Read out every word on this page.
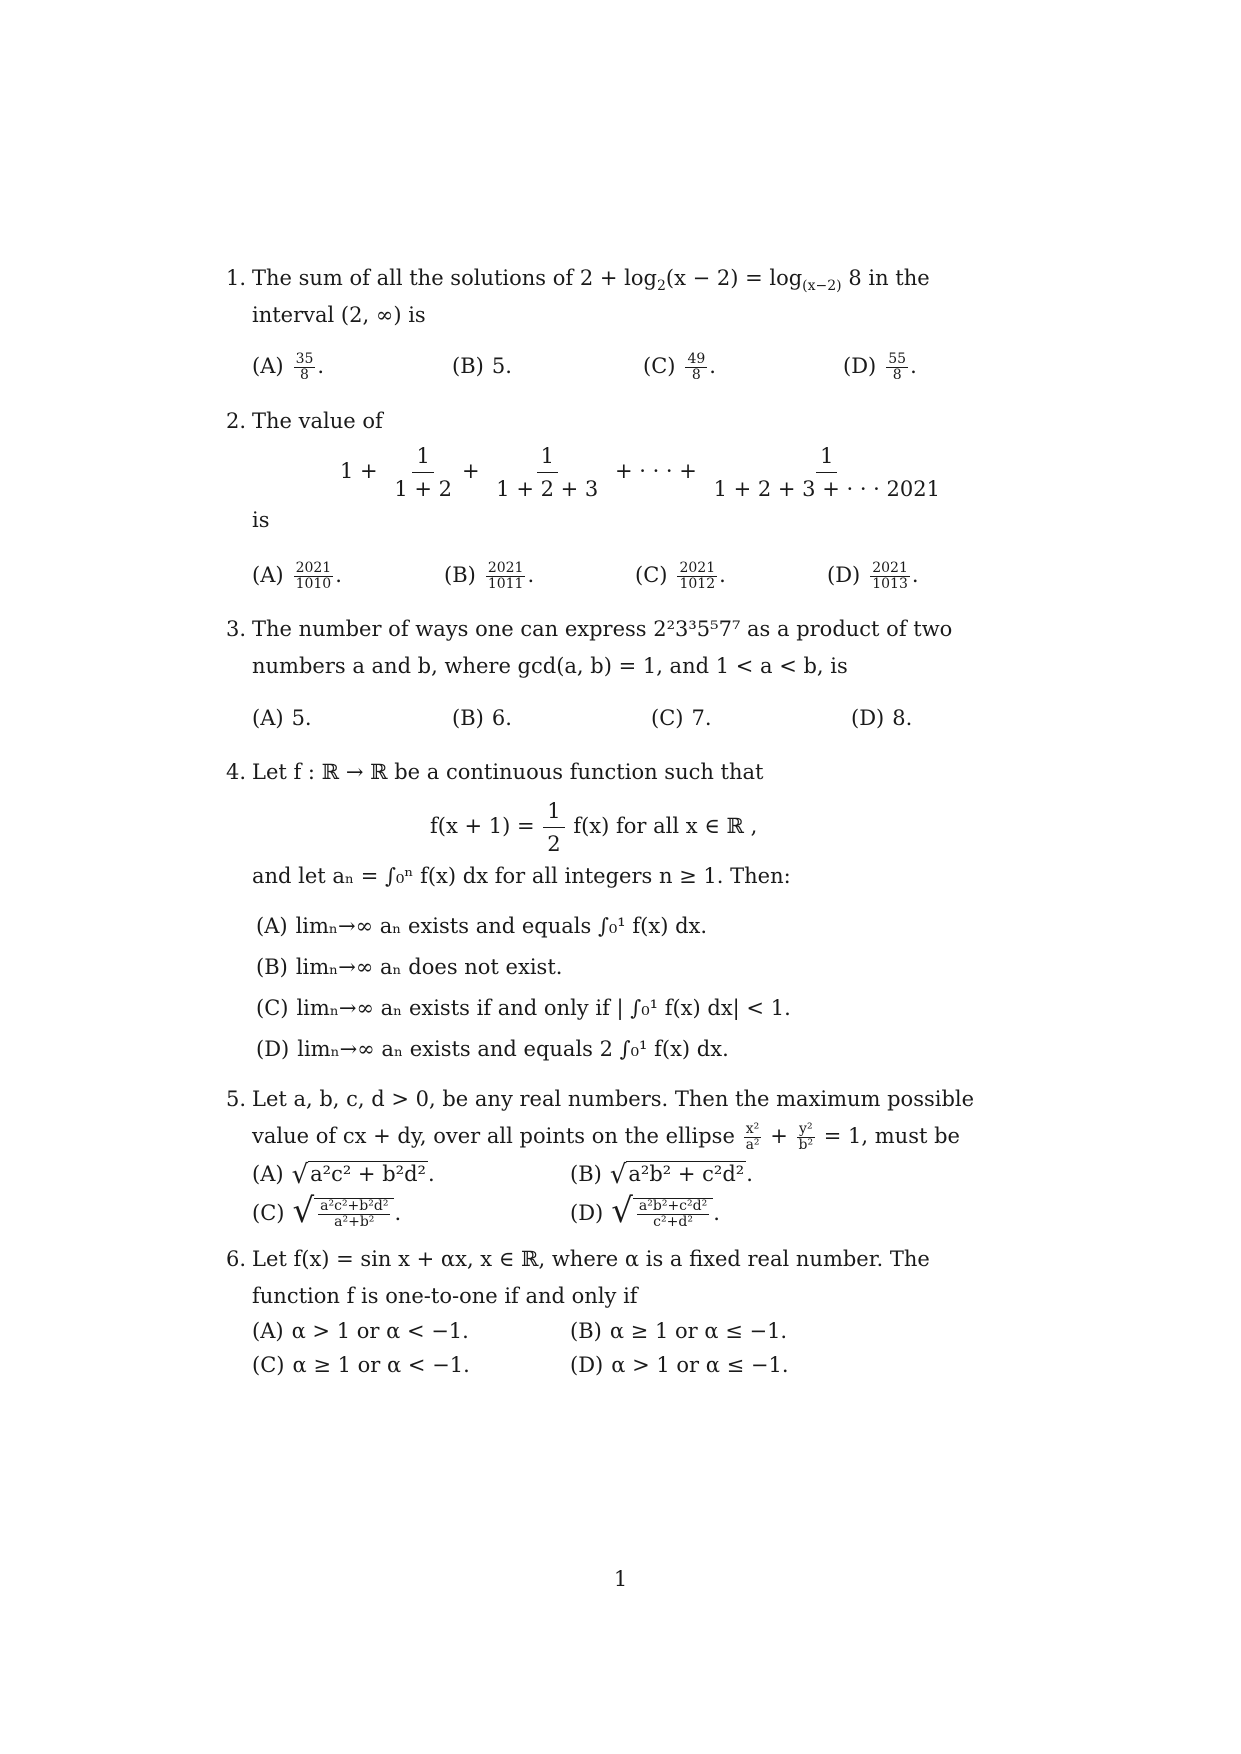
1. The sum of all the solutions of $2 + \log_2(x - 2) = \log_{(x-2)} 8$ in the
interval (2, ∞) is
$(A) \frac{35}{8}$ .	(B) 5.	$(C) \frac{49}{8}$ .	$(D) \frac{55}{8}$ .
2. The value of
$1 + \frac{1}{1 + 2} + \frac{1}{1 + 2 + 3}$ + · · · + $\frac{1}{1 + 2 + 3 + \cdot \cdot \cdot 2021}$
is
$(A) \frac{2021}{1010}$ .	$(B) \frac{2021}{1011}$ .	$(C) \frac{2021}{1012}$ .	$(D) \frac{2021}{1013}$ .
3. The number of ways one can express 2²3³5⁵7⁷ as a product of two
numbers a and b, where gcd(a, b) = 1, and 1 < a < b, is
(A) 5.	(B) 6.	(C) 7.	(D) 8.
4. Let f : ℝ → ℝ be a continuous function such that
$f(x + 1) = \frac{1}{2} f(x)$ for all x ∈ ℝ ,
and let aₙ = ∫₀ⁿ f(x) dx for all integers n ≥ 1. Then:
(A) limₙ→∞ aₙ exists and equals ∫₀¹ f(x) dx.
(B) limₙ→∞ aₙ does not exist.
(C) limₙ→∞ aₙ exists if and only if | ∫₀¹ f(x) dx| < 1.
(D) limₙ→∞ aₙ exists and equals 2 ∫₀¹ f(x) dx.
5. Let a, b, c, d > 0, be any real numbers. Then the maximum possible
value of cx + dy, over all points on the ellipse $\frac{\text{x²}}{\text{a²}} + \frac{\text{y²}}{\text{b²}} = 1$, must be
(A) √a²c² + b²d².	(B) √a²b² + c²d².
(C) √ $\frac{\text{a²c²+b²d²}}{\text{a²+b²}}$ .	(D) √ $\frac{\text{a²b²+c²d²}}{\text{c²+d²}}$ .
6. Let f(x) = sin x + αx, x ∈ ℝ, where α is a fixed real number. The
function f is one-to-one if and only if
(A) α > 1 or α < −1.	(B) α ≥ 1 or α ≤ −1.
(C) α ≥ 1 or α < −1.	(D) α > 1 or α ≤ −1.
1
